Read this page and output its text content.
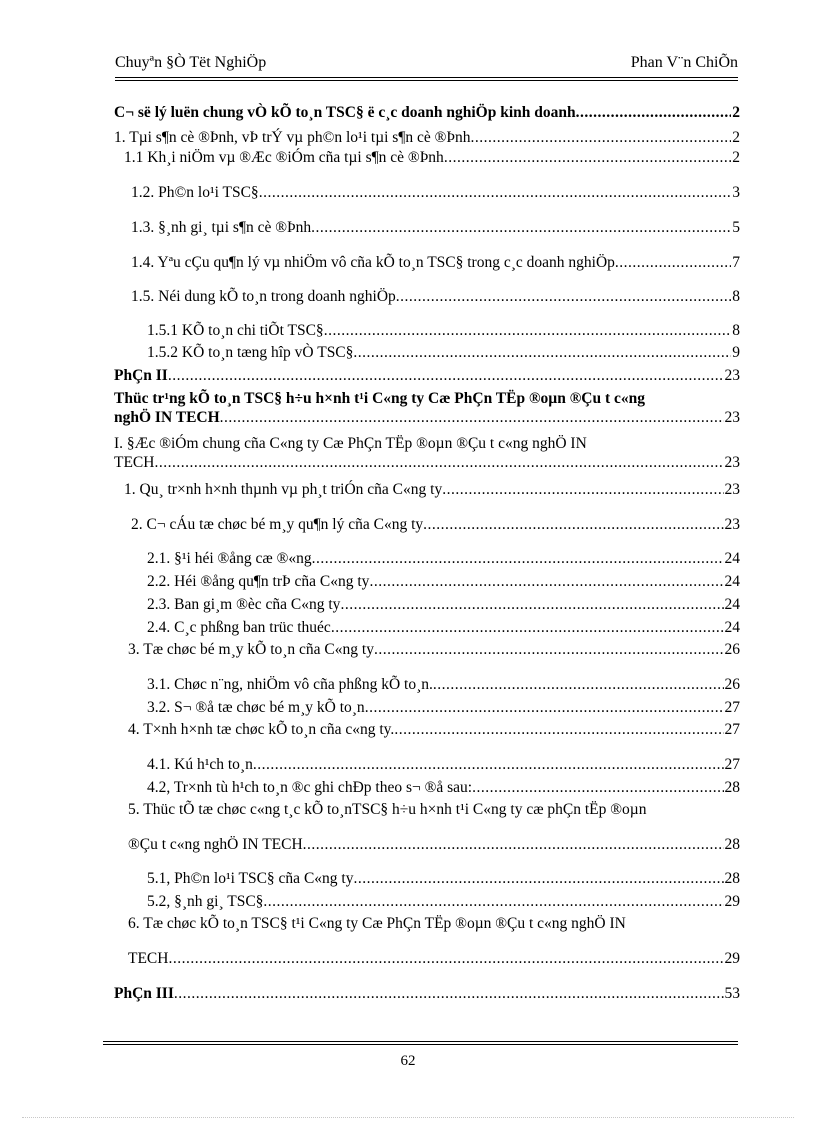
Chuyªn §Ò Tët NghiÖp	Phan V¨n ChiÕn
C¬ së lý luën chung vÒ kÕ to¸n TSC§ ë c¸c doanh nghiÖp kinh doanh .....	2
1. Tµi s¶n cè ®Þnh, vÞ trÝ vµ ph©n lo¹i tµi s¶n cè ®Þnh .....	2
1.1 Kh¸i niÖm vµ ®Æc ®iÓm cña tµi s¶n cè ®Þnh .....	2
1.2. Ph©n lo¹i TSC§ .....	3
1.3. §¸nh gi¸ tµi s¶n cè ®Þnh .....	5
1.4. Yªu cÇu qu¶n lý vµ nhiÖm vô cña kÕ to¸n TSC§ trong c¸c doanh nghiÖp .....	7
1.5. Néi dung kÕ to¸n trong doanh nghiÖp .....	8
1.5.1 KÕ to¸n chi tiÕt TSC§ .....	8
1.5.2 KÕ to¸n tæng hîp vÒ TSC§ .....	9
PhÇn II .....	23
Thüc tr¹ng kÕ to¸n TSC§ h÷u h×nh t¹i C«ng ty Cæ PhÇn TËp ®oµn ®Çu t c«ng
nghÖ IN TECH .....	23
I. §Æc ®iÓm chung cña C«ng ty Cæ PhÇn TËp ®oµn ®Çu t c«ng nghÖ IN
TECH .....	23
1. Qu¸ tr×nh h×nh thµnh vµ ph¸t triÓn cña C«ng ty .....	23
2. C¬ cÁu tæ chøc bé m¸y qu¶n lý cña C«ng ty .....	23
2.1. §¹i héi ®ång cæ ®«ng .....	24
2.2. Héi ®ång qu¶n trÞ cña C«ng ty .....	24
2.3. Ban gi¸m ®èc cña C«ng ty .....	24
2.4. C¸c phßng ban trüc thuéc .....	24
3. Tæ chøc bé m¸y kÕ to¸n cña C«ng ty .....	26
3.1. Chøc n¨ng, nhiÖm vô cña phßng kÕ to¸n. .....	26
3.2. S¬ ®å tæ chøc bé m¸y kÕ to¸n .....	27
4. T×nh h×nh tæ chøc kÕ to¸n cña c«ng ty. .....	27
4.1. Kú h¹ch to¸n .....	27
4.2, Tr×nh tù h¹ch to¸n ®c ghi chÐp theo s¬ ®å sau: .....	28
5. Thüc tÕ tæ chøc c«ng t¸c kÕ to¸nTSC§ h÷u h×nh t¹i C«ng ty cæ phÇn tËp ®oµn
®Çu t c«ng nghÖ IN TECH .....	28
5.1, Ph©n lo¹i TSC§ cña C«ng ty .....	28
5.2, §¸nh gi¸ TSC§ .....	29
6. Tæ chøc kÕ to¸n TSC§ t¹i C«ng ty Cæ PhÇn TËp ®oµn ®Çu t c«ng nghÖ IN
TECH .....	29
PhÇn III .....	53
62
